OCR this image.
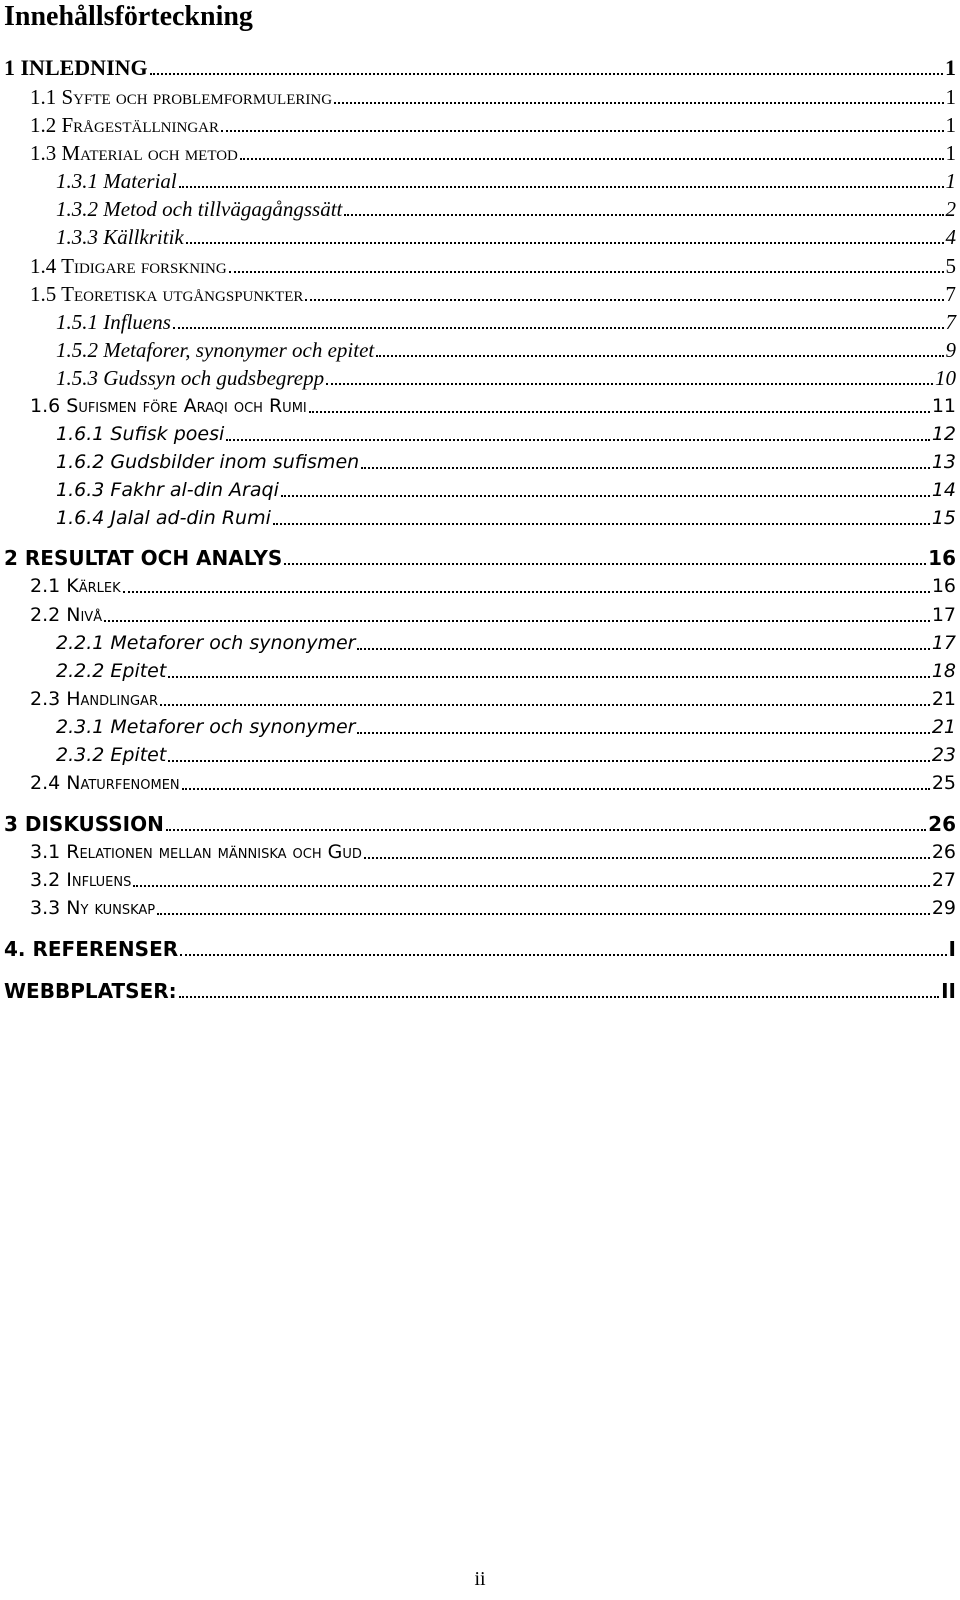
Innehållsförteckning
1 INLEDNING	1
1.1 Syfte och problemformulering	1
1.2 Frågeställningar	1
1.3 Material och metod	1
1.3.1 Material	1
1.3.2 Metod och tillvägagångssätt	2
1.3.3 Källkritik	4
1.4 Tidigare forskning	5
1.5 Teoretiska utgångspunkter	7
1.5.1 Influens	7
1.5.2 Metaforer, synonymer och epitet	9
1.5.3 Gudssyn och gudsbegrepp	10
1.6 Sufismen före Araqi och Rumi	11
1.6.1 Sufisk poesi	12
1.6.2 Gudsbilder inom sufismen	13
1.6.3 Fakhr al-din Araqi	14
1.6.4 Jalal ad-din Rumi	15
2 RESULTAT OCH ANALYS	16
2.1 Kärlek	16
2.2 Nivå	17
2.2.1 Metaforer och synonymer	17
2.2.2 Epitet	18
2.3 Handlingar	21
2.3.1 Metaforer och synonymer	21
2.3.2 Epitet	23
2.4 Naturfenomen	25
3 DISKUSSION	26
3.1 Relationen mellan människa och Gud	26
3.2 Influens	27
3.3 Ny kunskap	29
4. REFERENSER	I
WEBBPLATSER:	II
ii
